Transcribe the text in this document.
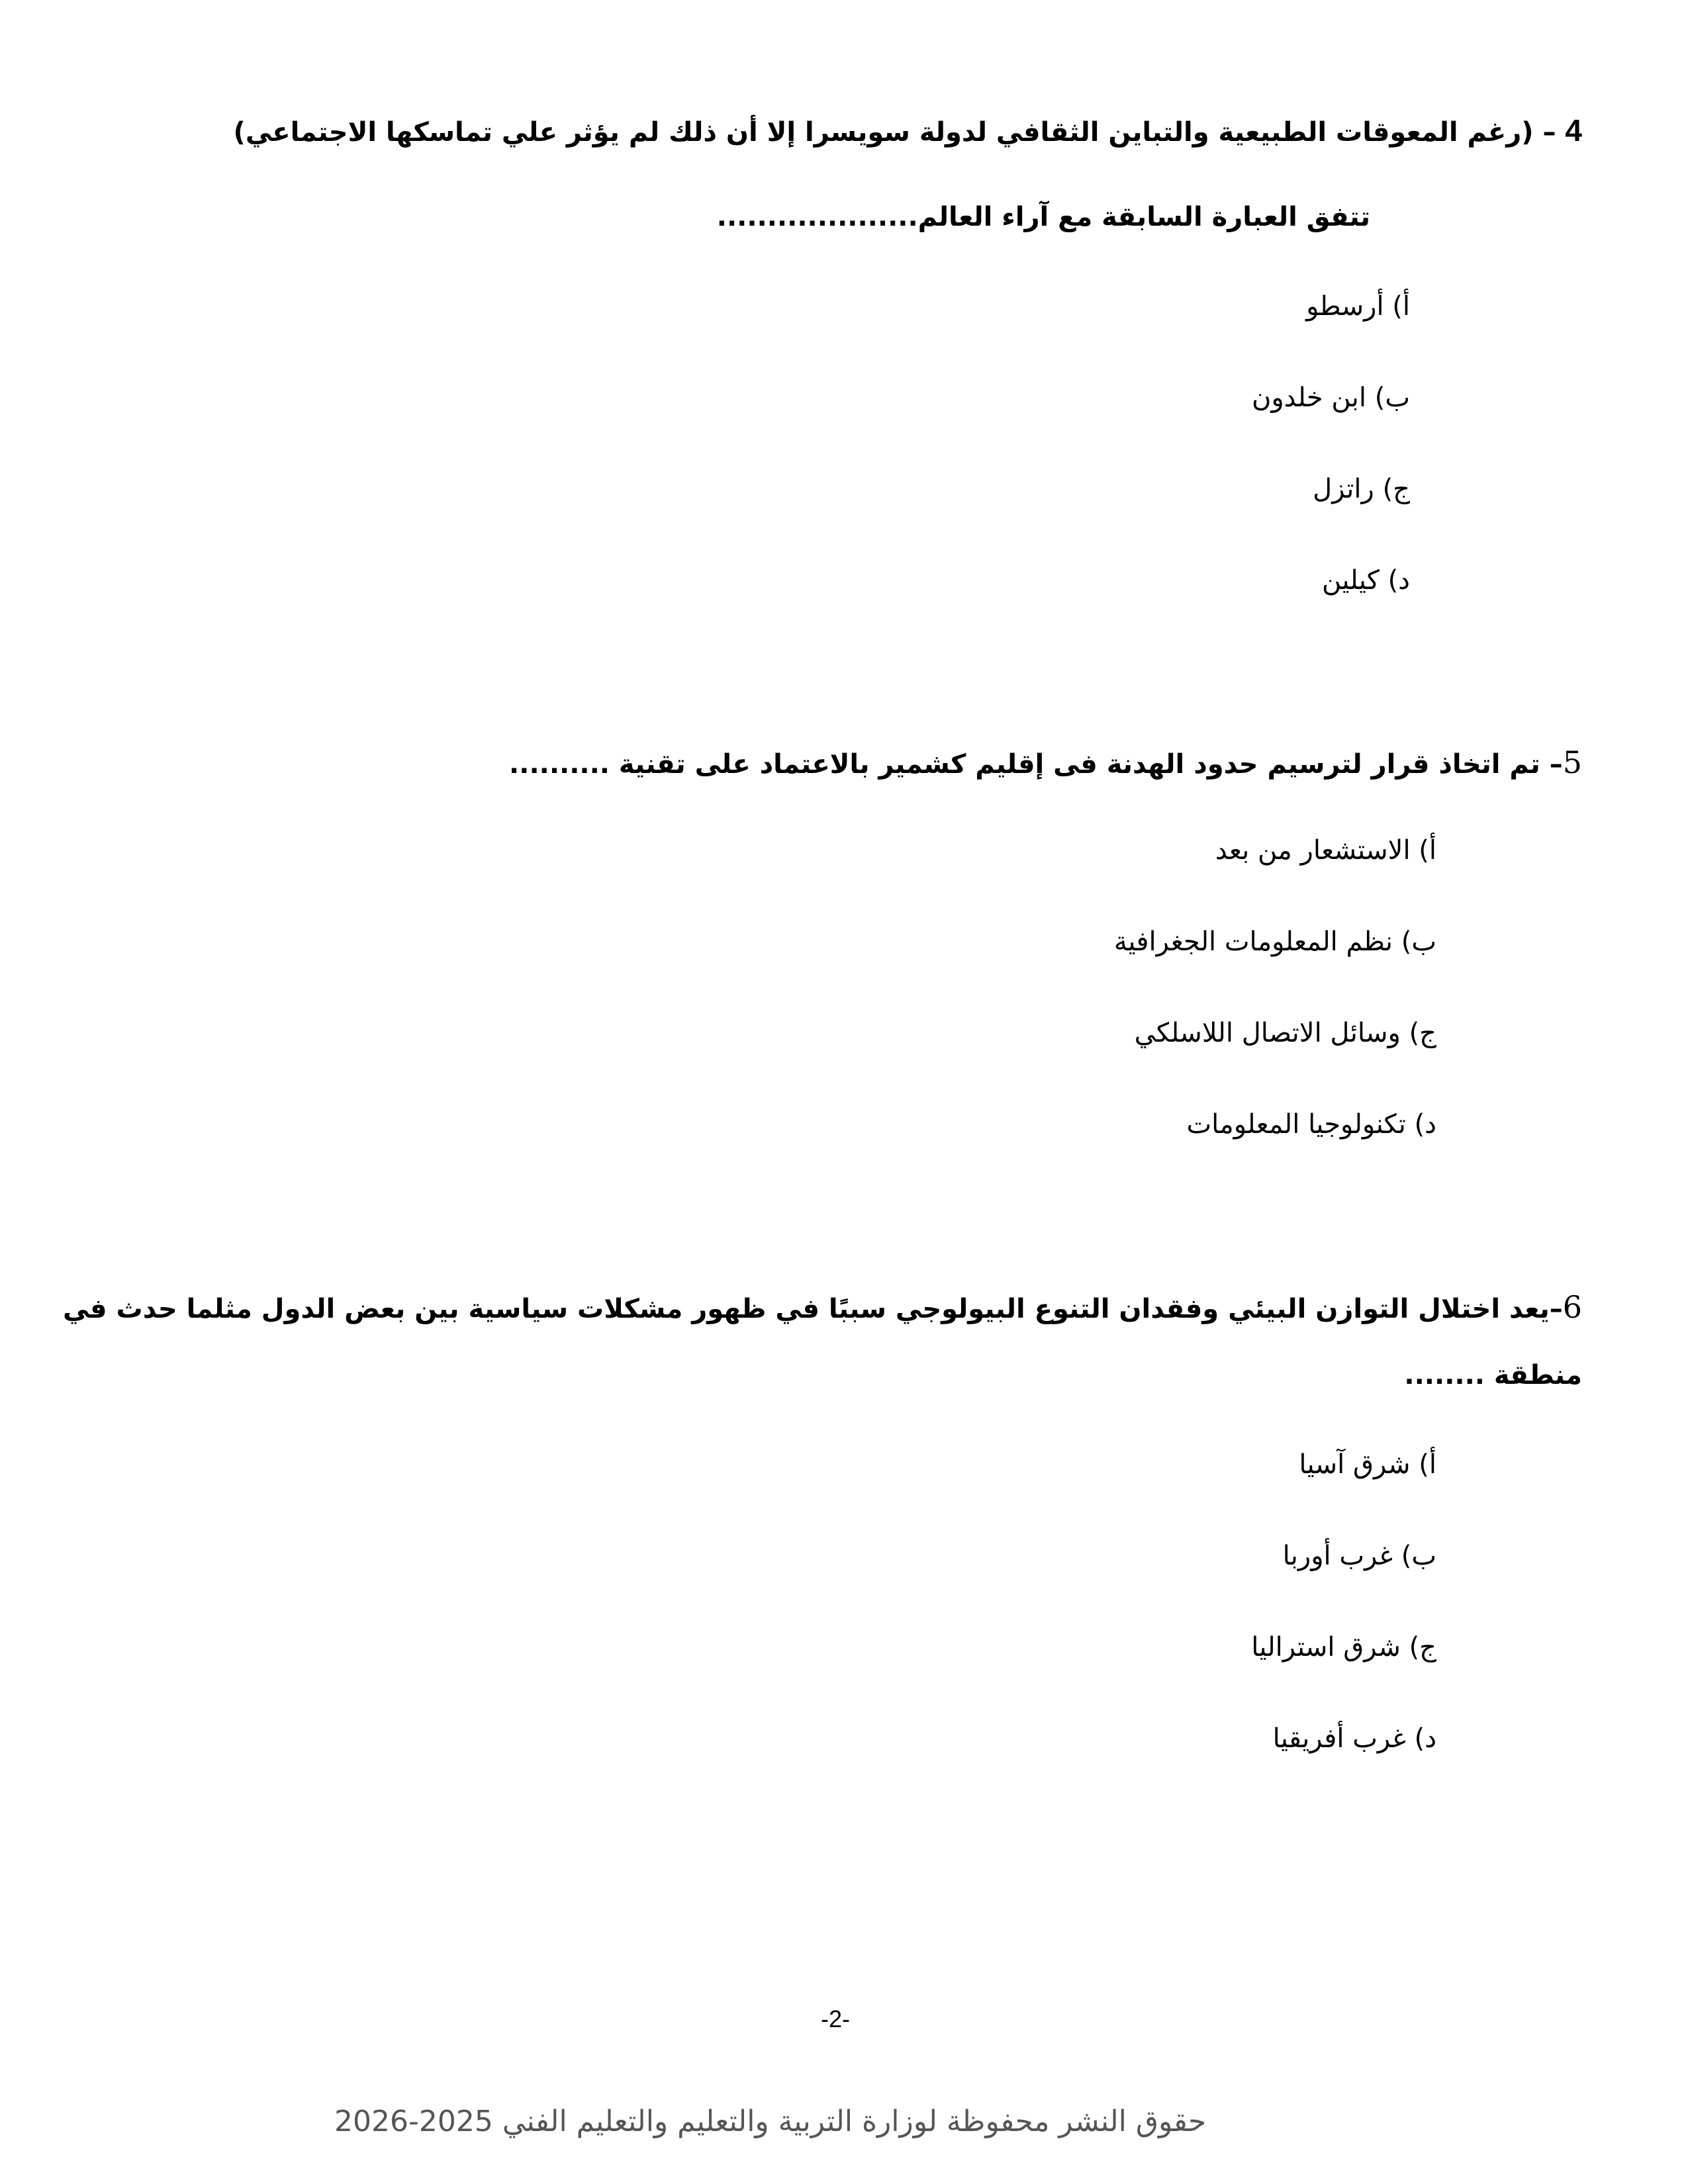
4 – (رغم المعوقات الطبيعية والتباين الثقافي لدولة سويسرا إلا أن ذلك لم يؤثر علي تماسكها الاجتماعي)
تتفق العبارة السابقة مع آراء العالم....................
أ) أرسطو
ب) ابن خلدون
ج) راتزل
د) كيلين
5– تم اتخاذ قرار لترسيم حدود الهدنة فى إقليم كشمير بالاعتماد على تقنية ..........
أ) الاستشعار من بعد
ب) نظم المعلومات الجغرافية
ج) وسائل الاتصال اللاسلكي
د) تكنولوجيا المعلومات
6–يعد اختلال التوازن البيئي وفقدان التنوع البيولوجي سببًا في ظهور مشكلات سياسية بين بعض الدول مثلما حدث في
منطقة ........
أ) شرق آسيا
ب) غرب أوربا
ج) شرق استراليا
د) غرب أفريقيا
-2-
حقوق النشر محفوظة لوزارة التربية والتعليم والتعليم الفني 2025-2026
